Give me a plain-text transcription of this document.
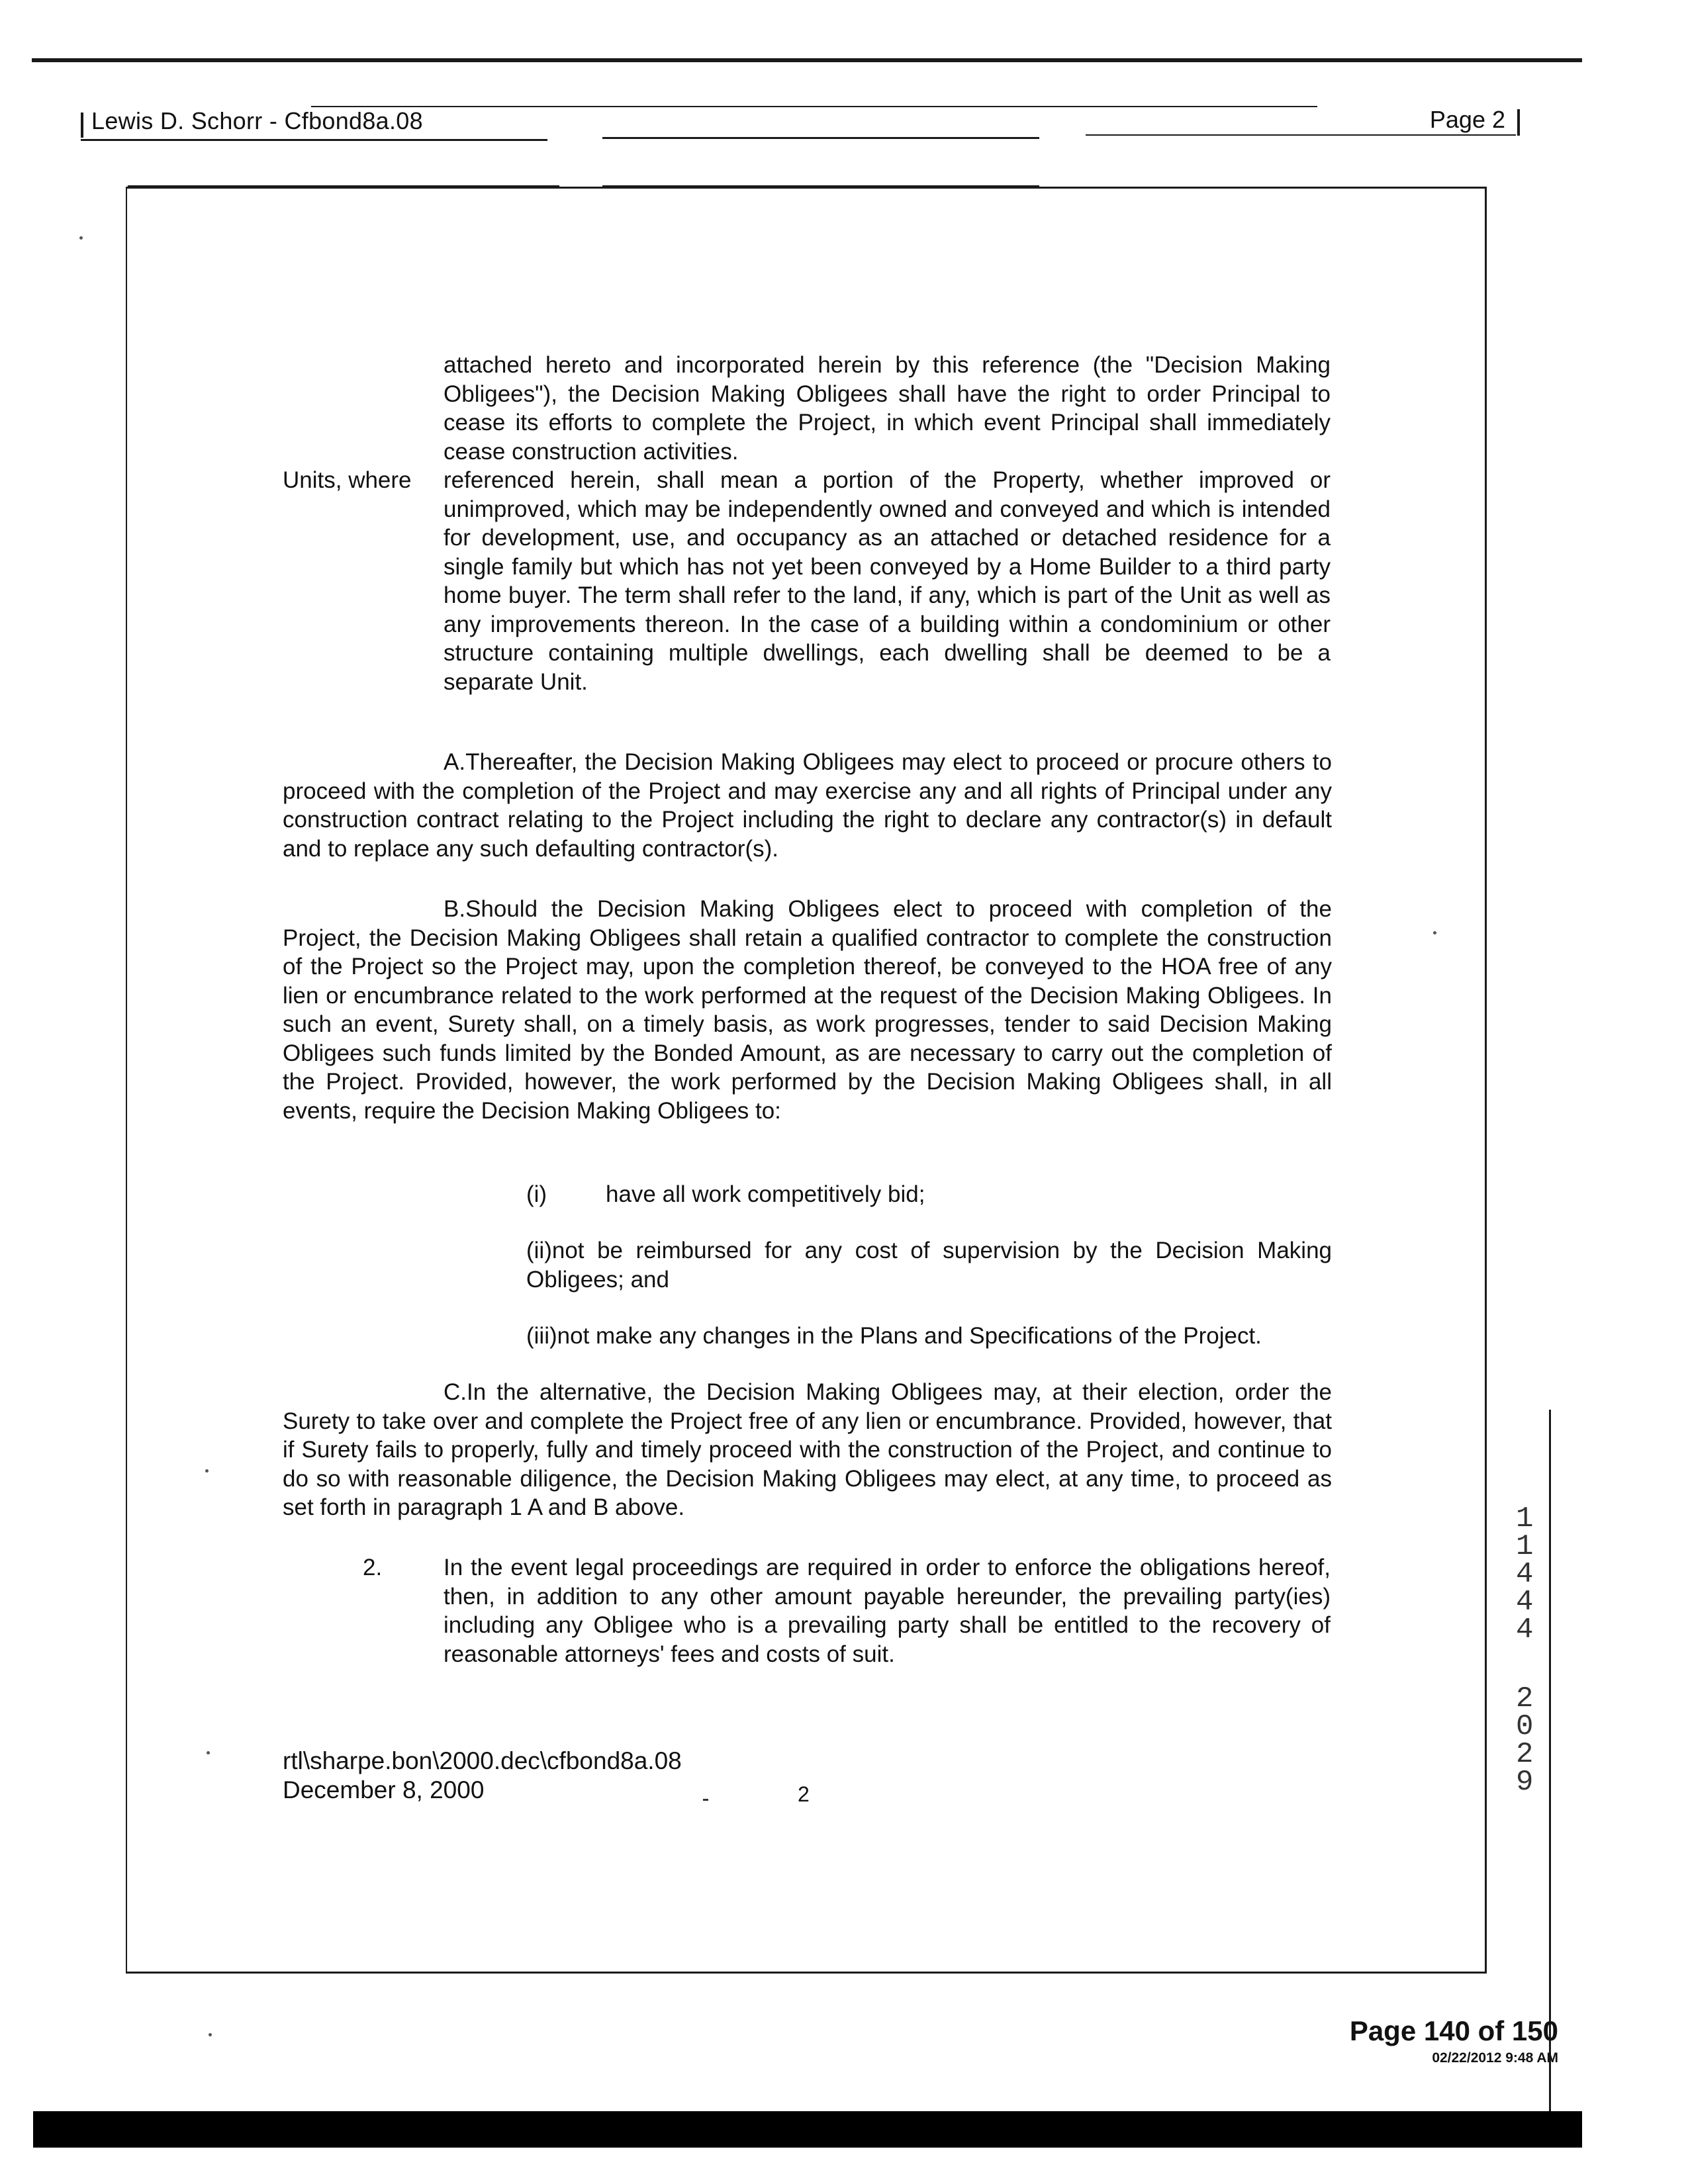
Lewis D. Schorr - Cfbond8a.08	Page 2
attached hereto and incorporated herein by this reference (the "Decision Making Obligees"), the Decision Making Obligees shall have the right to order Principal to cease its efforts to complete the Project, in which event Principal shall immediately cease construction activities.
Units, where referenced herein, shall mean a portion of the Property, whether improved or unimproved, which may be independently owned and conveyed and which is intended for development, use, and occupancy as an attached or detached residence for a single family but which has not yet been conveyed by a Home Builder to a third party home buyer. The term shall refer to the land, if any, which is part of the Unit as well as any improvements thereon. In the case of a building within a condominium or other structure containing multiple dwellings, each dwelling shall be deemed to be a separate Unit.
A.Thereafter, the Decision Making Obligees may elect to proceed or procure others to proceed with the completion of the Project and may exercise any and all rights of Principal under any construction contract relating to the Project including the right to declare any contractor(s) in default and to replace any such defaulting contractor(s).
B.Should the Decision Making Obligees elect to proceed with completion of the Project, the Decision Making Obligees shall retain a qualified contractor to complete the construction of the Project so the Project may, upon the completion thereof, be conveyed to the HOA free of any lien or encumbrance related to the work performed at the request of the Decision Making Obligees. In such an event, Surety shall, on a timely basis, as work progresses, tender to said Decision Making Obligees such funds limited by the Bonded Amount, as are necessary to carry out the completion of the Project. Provided, however, the work performed by the Decision Making Obligees shall, in all events, require the Decision Making Obligees to:
(i)	have all work competitively bid;
(ii)not be reimbursed for any cost of supervision by the Decision Making Obligees; and
(iii)not make any changes in the Plans and Specifications of the Project.
C.In the alternative, the Decision Making Obligees may, at their election, order the Surety to take over and complete the Project free of any lien or encumbrance. Provided, however, that if Surety fails to properly, fully and timely proceed with the construction of the Project, and continue to do so with reasonable diligence, the Decision Making Obligees may elect, at any time, to proceed as set forth in paragraph 1 A and B above.
2.	In the event legal proceedings are required in order to enforce the obligations hereof, then, in addition to any other amount payable hereunder, the prevailing party(ies) including any Obligee who is a prevailing party shall be entitled to the recovery of reasonable attorneys' fees and costs of suit.
rtl\sharpe.bon\2000.dec\cfbond8a.08
December 8, 2000	2
1
1
4
4
4
2
0
2
9
Page 140 of 150
02/22/2012 9:48 AM
